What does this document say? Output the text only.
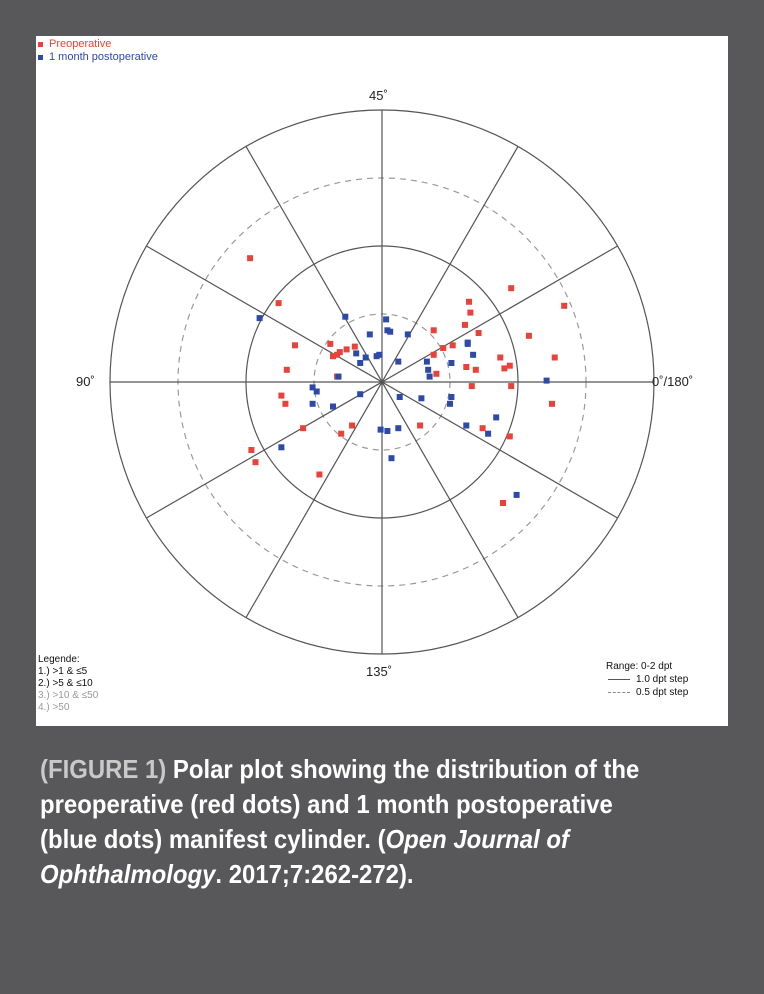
Preoperative
1 month postoperative
45˚
90˚	0˚/180˚
135˚
Legende:
1.) >1 & ≤5
2.) >5 & ≤10
3.) >10 & ≤50
4.) >50
Range: 0-2 dpt
1.0 dpt step
0.5 dpt step
(FIGURE 1) Polar plot showing the distribution of the preoperative (red dots) and 1 month postoperative (blue dots) manifest cylinder. (Open Journal of Ophthalmology. 2017;7:262-272).
